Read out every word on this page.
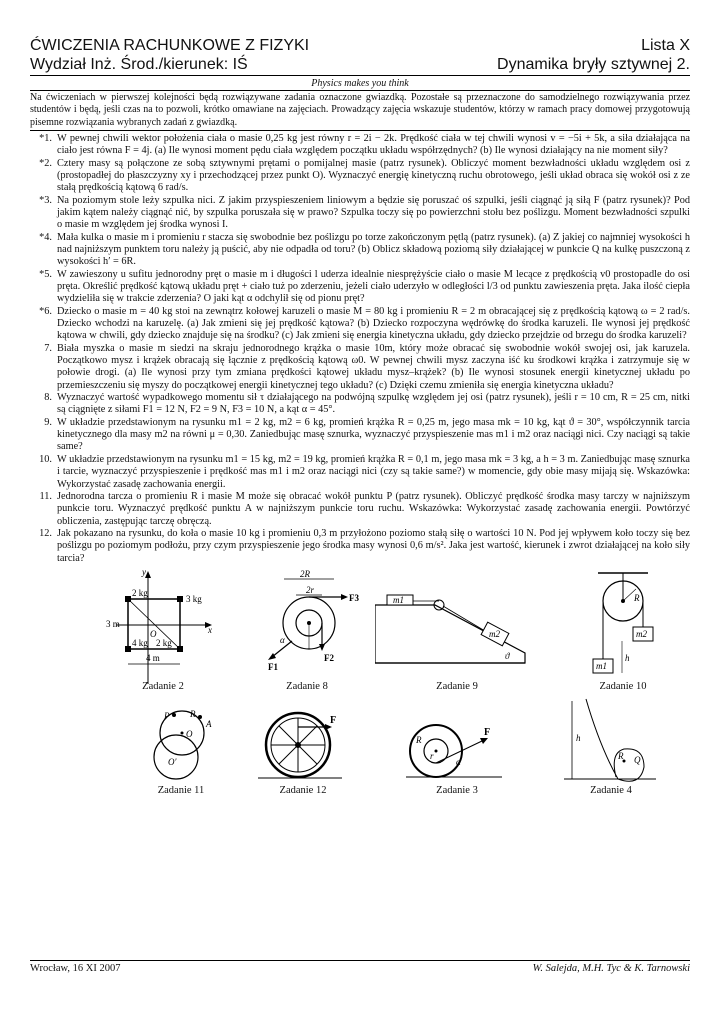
ĆWICZENIA RACHUNKOWE Z FIZYKI	Lista X
Wydział Inż. Środ./kierunek: IŚ	Dynamika bryły sztywnej 2.
Physics makes you think
Na ćwiczeniach w pierwszej kolejności będą rozwiązywane zadania oznaczone gwiazdką. Pozostałe są przeznaczone do samodzielnego rozwiązywania przez studentów i będą, jeśli czas na to pozwoli, krótko omawiane na zajęciach. Prowadzący zajęcia wskazuje studentów, którzy w ramach pracy domowej przygotowują pisemne rozwiązania wybranych zadań z gwiazdką.
*1. W pewnej chwili wektor położenia ciała o masie 0,25 kg jest równy r = 2i − 2k. Prędkość ciała w tej chwili wynosi v = −5i + 5k, a siła działająca na ciało jest równa F = 4j. (a) Ile wynosi moment pędu ciała względem początku układu współrzędnych? (b) Ile wynosi działający na nie moment siły?
*2. Cztery masy są połączone ze sobą sztywnymi prętami o pomijalnej masie (patrz rysunek). Obliczyć moment bezwładności układu względem osi z (prostopadłej do płaszczyzny xy i przechodzącej przez punkt O). Wyznaczyć energię kinetyczną ruchu obrotowego, jeśli układ obraca się wokół osi z ze stałą prędkością kątową 6 rad/s.
*3. Na poziomym stole leży szpulka nici. Z jakim przyspieszeniem liniowym a będzie się poruszać oś szpulki, jeśli ciągnąć ją siłą F (patrz rysunek)? Pod jakim kątem należy ciągnąć nić, by szpulka poruszała się w prawo? Szpulka toczy się po powierzchni stołu bez poślizgu. Moment bezwładności szpulki o masie m względem jej środka wynosi I.
*4. Mała kulka o masie m i promieniu r stacza się swobodnie bez poślizgu po torze zakończonym pętlą (patrz rysunek). (a) Z jakiej co najmniej wysokości h nad najniższym punktem toru należy ją puścić, aby nie odpadła od toru? (b) Oblicz składową poziomą siły działającej w punkcie Q na kulkę puszczoną z wysokości h′ = 6R.
*5. W zawieszony u sufitu jednorodny pręt o masie m i długości l uderza idealnie niesprężyście ciało o masie M lecące z prędkością v0 prostopadle do osi pręta. Określić prędkość kątową układu pręt + ciało tuż po zderzeniu, jeżeli ciało uderzyło w odległości l/3 od punktu zawieszenia pręta. Jaka ilość ciepła wydzieliła się w trakcie zderzenia? O jaki kąt α odchylił się od pionu pręt?
*6. Dziecko o masie m = 40 kg stoi na zewnątrz kołowej karuzeli o masie M = 80 kg i promieniu R = 2 m obracającej się z prędkością kątową ω = 2 rad/s. Dziecko wchodzi na karuzelę. (a) Jak zmieni się jej prędkość kątowa? (b) Dziecko rozpoczyna wędrówkę do środka karuzeli. Ile wynosi jej prędkość kątowa w chwili, gdy dziecko znajduje się na środku? (c) Jak zmieni się energia kinetyczna układu, gdy dziecko przejdzie od brzegu do środka karuzeli?
7. Biała myszka o masie m siedzi na skraju jednorodnego krążka o masie 10m, który może obracać się swobodnie wokół swojej osi, jak karuzela. Początkowo mysz i krążek obracają się łącznie z prędkością kątową ω0. W pewnej chwili mysz zaczyna iść ku środkowi krążka i zatrzymuje się w połowie drogi. (a) Ile wynosi przy tym zmiana prędkości kątowej układu mysz–krążek? (b) Ile wynosi stosunek energii kinetycznej układu po przemieszczeniu się myszy do początkowej energii kinetycznej tego układu? (c) Dzięki czemu zmieniła się energia kinetyczna układu?
8. Wyznaczyć wartość wypadkowego momentu sił τ działającego na podwójną szpulkę względem jej osi (patrz rysunek), jeśli r = 10 cm, R = 25 cm, nitki są ciągnięte z siłami F1 = 12 N, F2 = 9 N, F3 = 10 N, a kąt α = 45°.
9. W układzie przedstawionym na rysunku m1 = 2 kg, m2 = 6 kg, promień krążka R = 0,25 m, jego masa mk = 10 kg, kąt ϑ = 30°, współczynnik tarcia kinetycznego dla masy m2 na równi μ = 0,30. Zaniedbując masę sznurka, wyznaczyć przyspieszenie mas m1 i m2 oraz naciągi nici. Czy naciągi są takie same?
10. W układzie przedstawionym na rysunku m1 = 15 kg, m2 = 19 kg, promień krążka R = 0,1 m, jego masa mk = 3 kg, a h = 3 m. Zaniedbując masę sznurka i tarcie, wyznaczyć przyspieszenie i prędkość mas m1 i m2 oraz naciągi nici (czy są takie same?) w momencie, gdy obie masy mijają się. Wskazówka: Wykorzystać zasadę zachowania energii.
11. Jednorodna tarcza o promieniu R i masie M może się obracać wokół punktu P (patrz rysunek). Obliczyć prędkość środka masy tarczy w najniższym punkcie toru. Wyznaczyć prędkość punktu A w najniższym punkcie toru ruchu. Wskazówka: Wykorzystać zasadę zachowania energii. Powtórzyć obliczenia, zastępując tarczę obręczą.
12. Jak pokazano na rysunku, do koła o masie 10 kg i promieniu 0,3 m przyłożono poziomo stałą siłę o wartości 10 N. Pod jej wpływem koło toczy się bez poślizgu po poziomym podłożu, przy czym przyspieszenie jego środka masy wynosi 0,6 m/s². Jaka jest wartość, kierunek i zwrot działającej na koło siły tarcia?
y
x
2 kg
3 kg
4 kg 2 kg
3 m
O
4 m
Zadanie 2
2R
2r
F3
F2
F1
α
Zadanie 8
m1
m2
ϑ
Zadanie 9
R
m1
m2
h
Zadanie 10
P R
A
O
O′
Zadanie 11
F
Zadanie 12
F
R
r
α
Zadanie 3
h
R Q
Zadanie 4
Wrocław, 16 XI 2007	W. Salejda, M.H. Tyc & K. Tarnowski
